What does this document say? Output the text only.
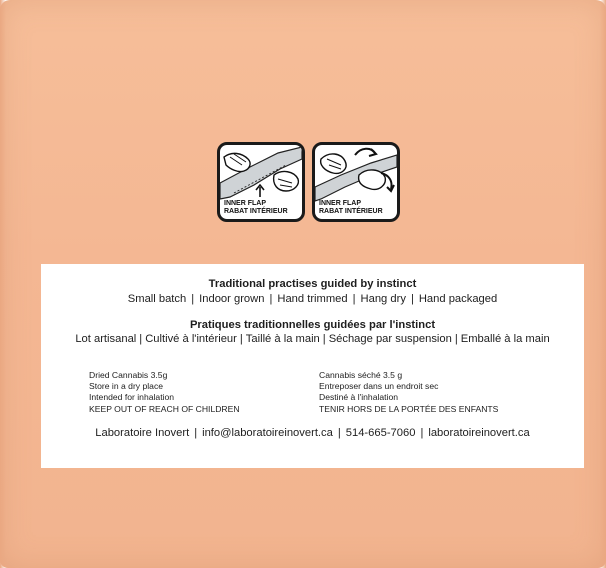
INNER FLAP
RABAT INTÉRIEUR
INNER FLAP
RABAT INTÉRIEUR
Traditional practises guided by instinct
Small batch | Indoor grown | Hand trimmed | Hang dry | Hand packaged
Pratiques traditionnelles guidées par l'instinct
Lot artisanal | Cultivé à l'intérieur | Taillé à la main | Séchage par suspension | Emballé à la main
Dried Cannabis 3.5g
Store in a dry place
Intended for inhalation
KEEP OUT OF REACH OF CHILDREN
Cannabis séché 3.5 g
Entreposer dans un endroit sec
Destiné à l'inhalation
TENIR HORS DE LA PORTÉE DES ENFANTS
Laboratoire Inovert | info@laboratoireinovert.ca | 514-665-7060 | laboratoireinovert.ca
